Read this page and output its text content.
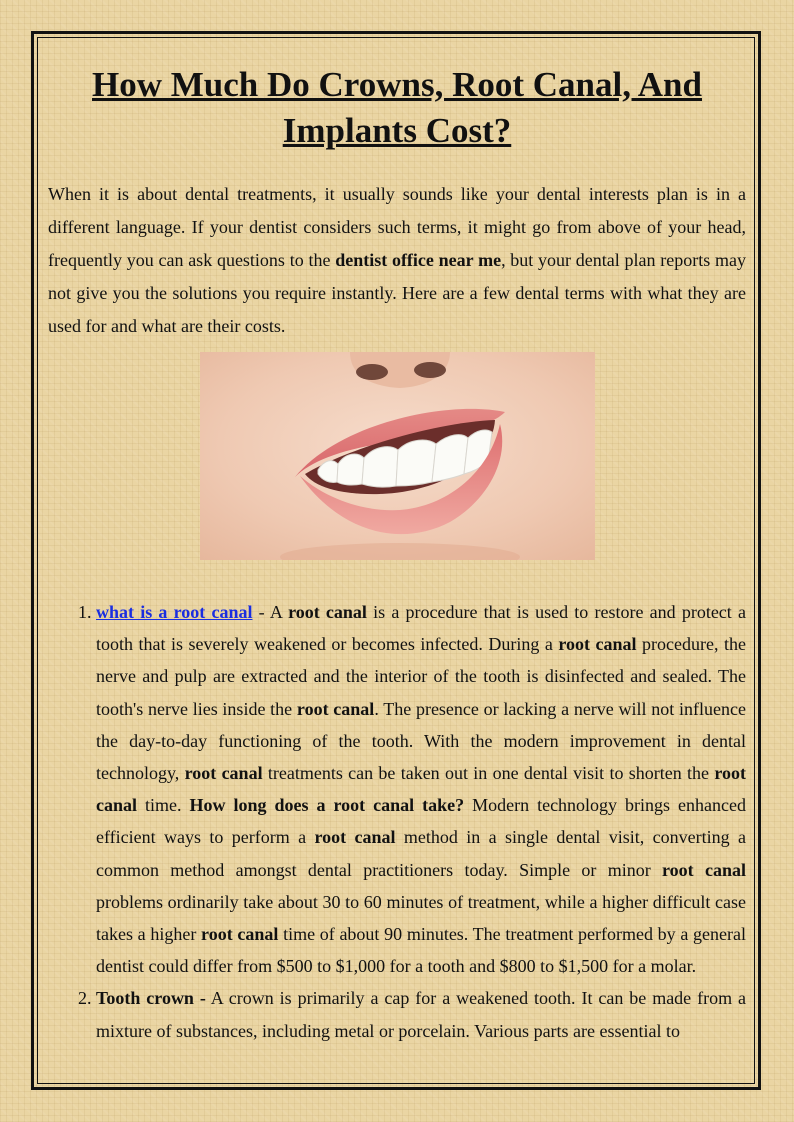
How Much Do Crowns, Root Canal, And Implants Cost?

When it is about dental treatments, it usually sounds like your dental interests plan is in a different language. If your dentist considers such terms, it might go from above of your head, frequently you can ask questions to the dentist office near me, but your dental plan reports may not give you the solutions you require instantly. Here are a few dental terms with what they are used for and what are their costs.

1. what is a root canal - A root canal is a procedure that is used to restore and protect a tooth that is severely weakened or becomes infected. During a root canal procedure, the nerve and pulp are extracted and the interior of the tooth is disinfected and sealed. The tooth's nerve lies inside the root canal. The presence or lacking a nerve will not influence the day-to-day functioning of the tooth. With the modern improvement in dental technology, root canal treatments can be taken out in one dental visit to shorten the root canal time. How long does a root canal take? Modern technology brings enhanced efficient ways to perform a root canal method in a single dental visit, converting a common method amongst dental practitioners today. Simple or minor root canal problems ordinarily take about 30 to 60 minutes of treatment, while a higher difficult case takes a higher root canal time of about 90 minutes. The treatment performed by a general dentist could differ from $500 to $1,000 for a tooth and $800 to $1,500 for a molar.
2. Tooth crown - A crown is primarily a cap for a weakened tooth. It can be made from a mixture of substances, including metal or porcelain. Various parts are essential to
